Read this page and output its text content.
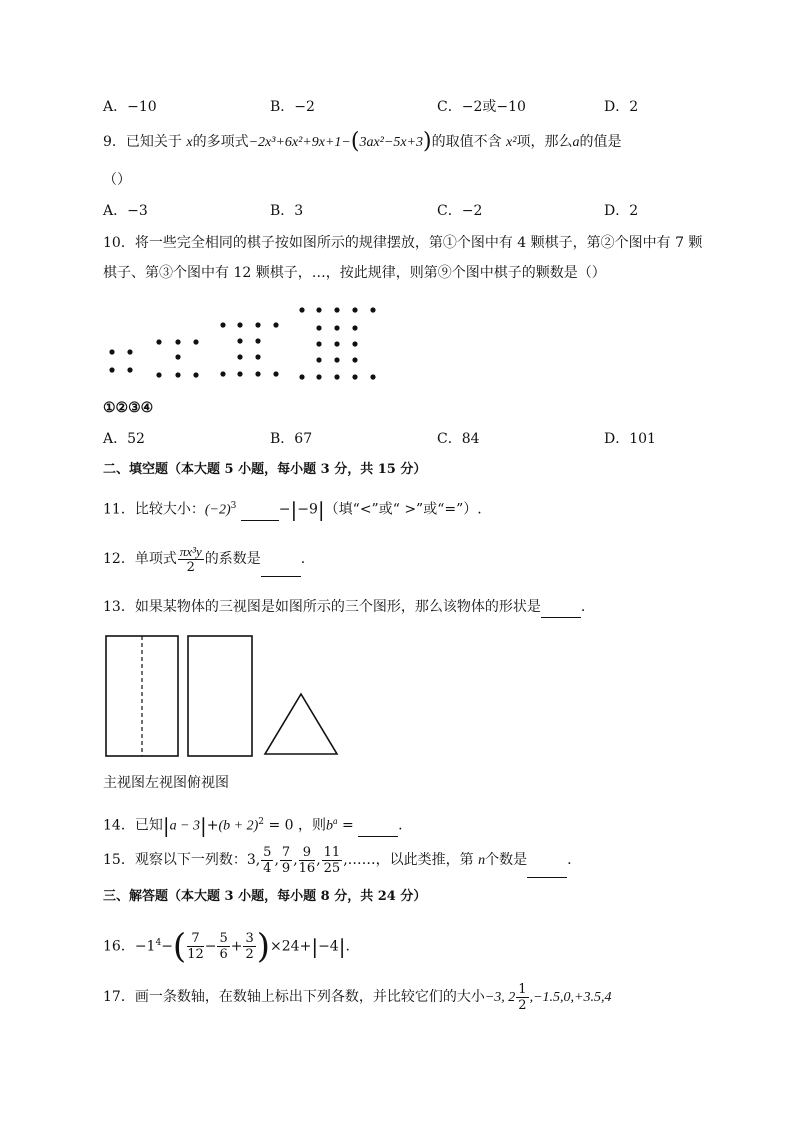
A．−10	B．−2	C．−2或−10	D．2
9．已知关于 x的多项式−2x³+6x²+9x+1−(3ax²−5x+3)的取值不含 x²项，那么a的值是
（）
A．−3	B．3	C．−2	D．2
10．将一些完全相同的棋子按如图所示的规律摆放，第①个图中有 4 颗棋子，第②个图中有 7 颗
棋子、第③个图中有 12 颗棋子，…，按此规律，则第⑨个图中棋子的颗数是（）
①②③④
A．52	B．67	C．84	D．101
二、填空题（本大题 5 小题，每小题 3 分，共 15 分）
11．比较大小：$(-2)^3$	−|−9|（填“<”或“ >”或“=”）.
12．单项式 $\frac{\text{πx³y}}{2}$ 的系数是	.
13．如果某物体的三视图是如图所示的三个图形，那么该物体的形状是	.
主视图左视图俯视图
14．已知$|a - 3|+(b + 2)^2 = 0$ ，则$b^a$ =	.
15．观察以下一列数：3, $\frac{5}{4}$ , $\frac{7}{9}$ , $\frac{9}{16}$ , $\frac{11}{25}$ ,……，以此类推，第 n个数是	.
三、解答题（本大题 3 小题，每小题 8 分，共 24 分）
16．$-1^4-( \frac{7}{12} - \frac{5}{6} + \frac{3}{2} )\times 24+|-4|$.
17．画一条数轴，在数轴上标出下列各数，并比较它们的大小−3, $2 \frac{1}{2} ,-1.5,0,+3.5,4$
